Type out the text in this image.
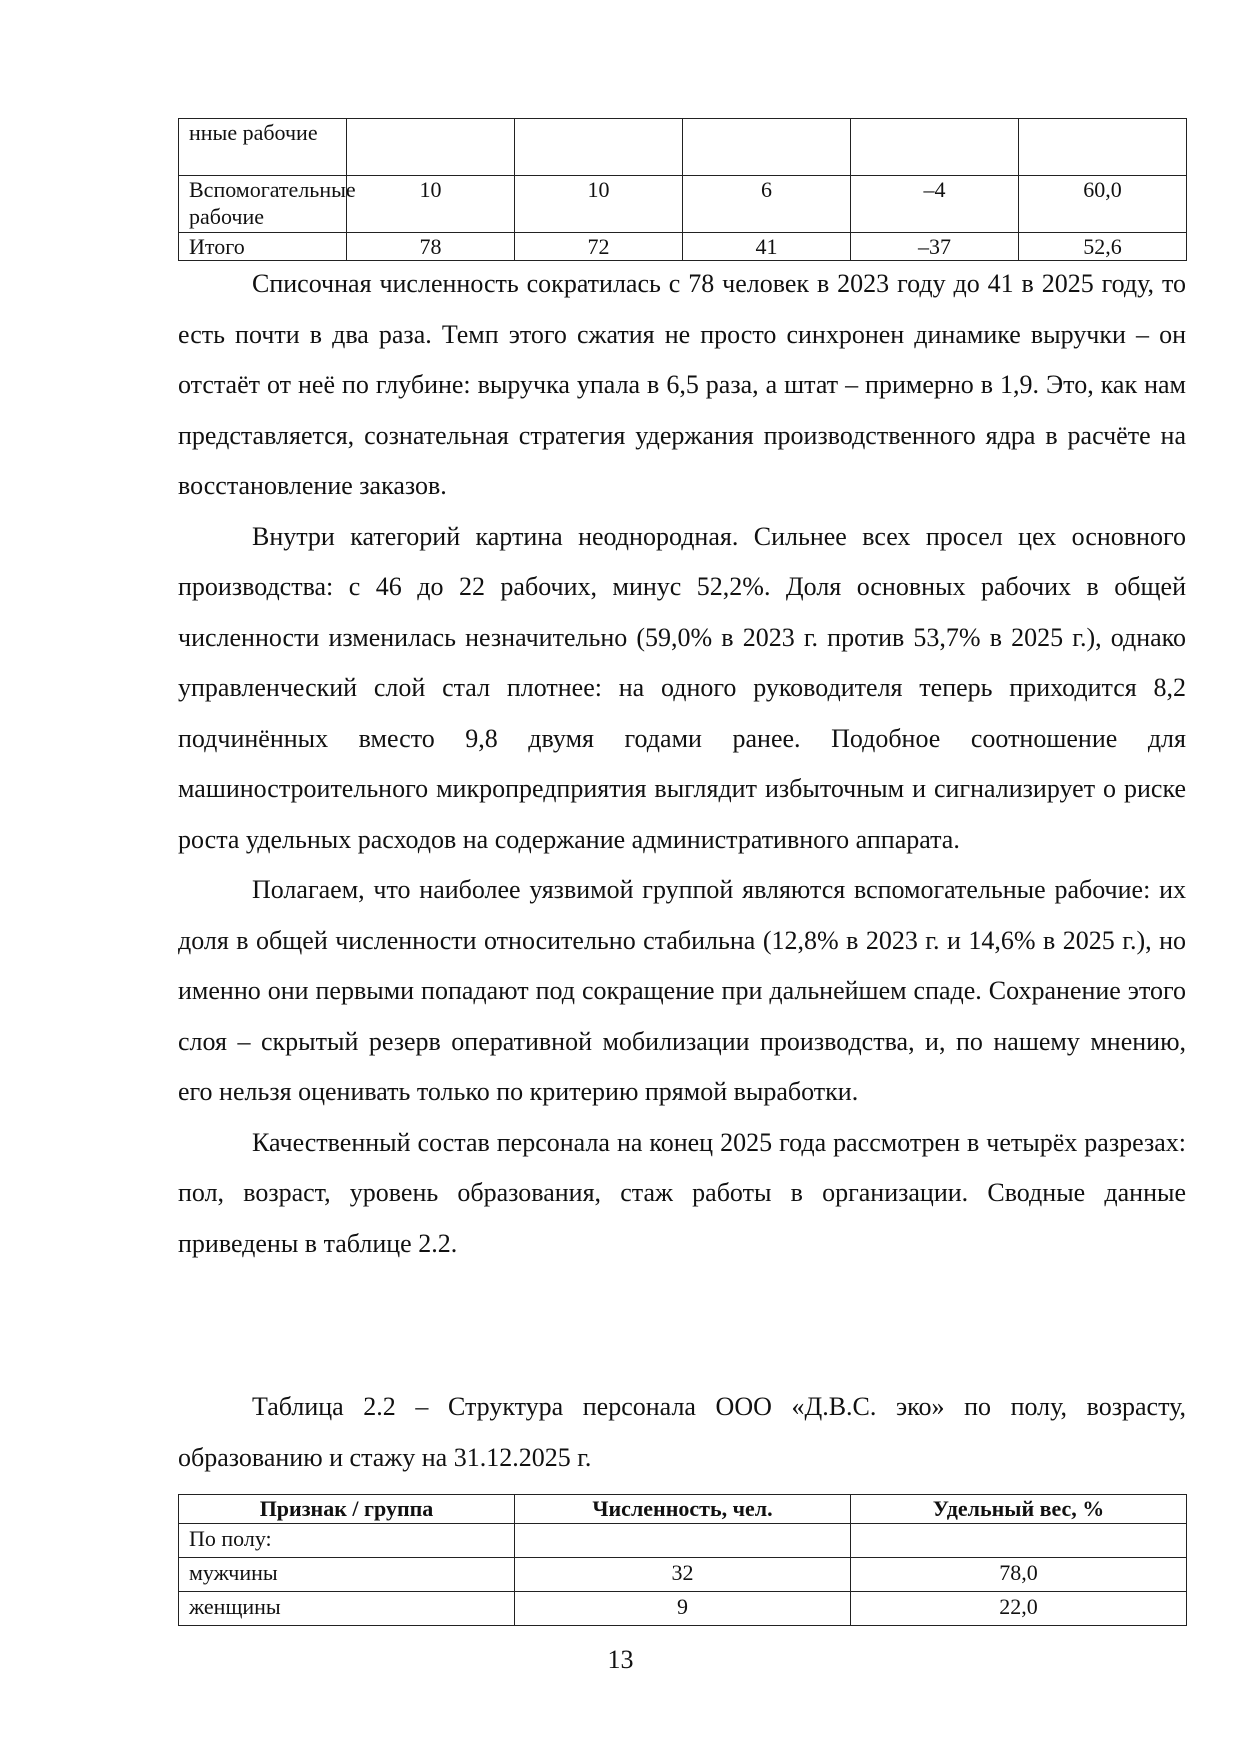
нные рабочие					
Вспомогательные рабочие	10	10	6	–4	60,0
Итого	78	72	41	–37	52,6

Списочная численность сократилась с 78 человек в 2023 году до 41 в 2025 году, то есть почти в два раза. Темп этого сжатия не просто синхронен динамике выручки – он отстаёт от неё по глубине: выручка упала в 6,5 раза, а штат – примерно в 1,9. Это, как нам представляется, сознательная стратегия удержания производственного ядра в расчёте на восстановление заказов.

Внутри категорий картина неоднородная. Сильнее всех просел цех основного производства: с 46 до 22 рабочих, минус 52,2%. Доля основных рабочих в общей численности изменилась незначительно (59,0% в 2023 г. против 53,7% в 2025 г.), однако управленческий слой стал плотнее: на одного руководителя теперь приходится 8,2 подчинённых вместо 9,8 двумя годами ранее. Подобное соотношение для машиностроительного микропредприятия выглядит избыточным и сигнализирует о риске роста удельных расходов на содержание административного аппарата.

Полагаем, что наиболее уязвимой группой являются вспомогательные рабочие: их доля в общей численности относительно стабильна (12,8% в 2023 г. и 14,6% в 2025 г.), но именно они первыми попадают под сокращение при дальнейшем спаде. Сохранение этого слоя – скрытый резерв оперативной мобилизации производства, и, по нашему мнению, его нельзя оценивать только по критерию прямой выработки.

Качественный состав персонала на конец 2025 года рассмотрен в четырёх разрезах: пол, возраст, уровень образования, стаж работы в организации. Сводные данные приведены в таблице 2.2.

Таблица 2.2 – Структура персонала ООО «Д.В.С. эко» по полу, возрасту, образованию и стажу на 31.12.2025 г.

Признак / группа	Численность, чел.	Удельный вес, %
По полу:		
мужчины	32	78,0
женщины	9	22,0
13
